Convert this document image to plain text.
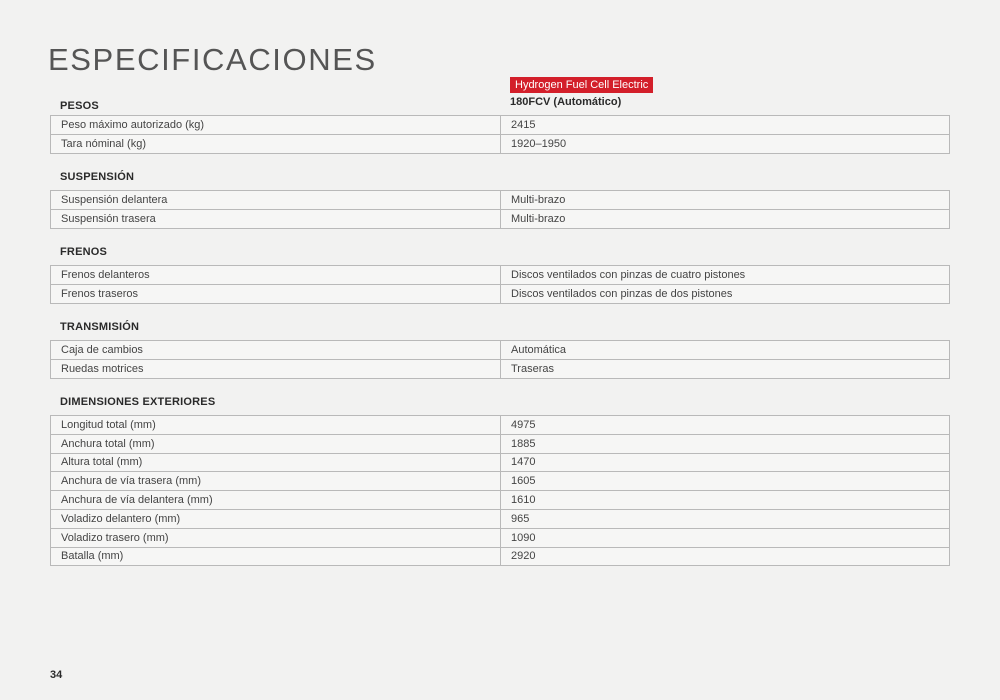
ESPECIFICACIONES
Hydrogen Fuel Cell Electric
PESOS	180FCV (Automático)
Peso máximo autorizado (kg)	2415
Tara nóminal (kg)	1920–1950
SUSPENSIÓN
Suspensión delantera	Multi-brazo
Suspensión trasera	Multi-brazo
FRENOS
Frenos delanteros	Discos ventilados con pinzas de cuatro pistones
Frenos traseros	Discos ventilados con pinzas de dos pistones
TRANSMISIÓN
Caja de cambios	Automática
Ruedas motrices	Traseras
DIMENSIONES EXTERIORES
Longitud total (mm)	4975
Anchura total (mm)	1885
Altura total (mm)	1470
Anchura de vía trasera (mm)	1605
Anchura de vía delantera (mm)	1610
Voladizo delantero (mm)	965
Voladizo trasero (mm)	1090
Batalla (mm)	2920
34
